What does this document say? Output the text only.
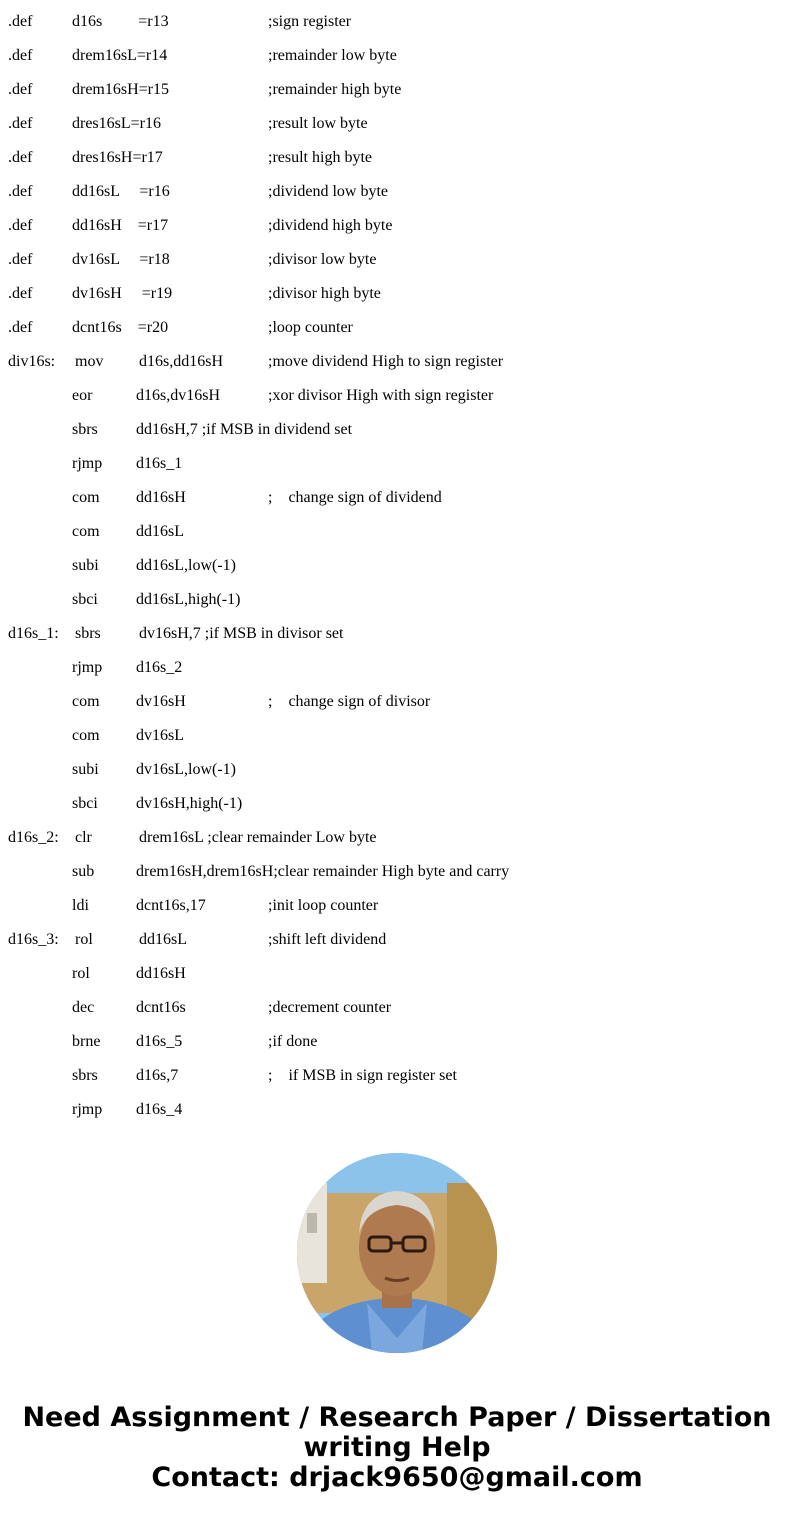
.def d16s         =r13	;sign register
.def drem16sL=r14	;remainder low byte
.def drem16sH=r15	;remainder high byte
.def dres16sL=r16	;result low byte
.def dres16sH=r17	;result high byte
.def dd16sL     =r16	;dividend low byte
.def dd16sH    =r17	;dividend high byte
.def dv16sL     =r18	;divisor low byte
.def dv16sH     =r19	;divisor high byte
.def dcnt16s    =r20	;loop counter
div16s: mov d16s,dd16sH	;move dividend High to sign register
eor	d16s,dv16sH	;xor divisor High with sign register
sbrs dd16sH,7 ;if MSB in dividend set
rjmp d16s_1
com dd16sH	;    change sign of dividend
com dd16sL
subi dd16sL,low(-1)
sbci dd16sL,high(-1)
d16s_1: sbrs dv16sH,7 ;if MSB in divisor set
rjmp d16s_2
com dv16sH	;    change sign of divisor
com dv16sL
subi dv16sL,low(-1)
sbci dv16sH,high(-1)
d16s_2: clr	drem16sL ;clear remainder Low byte
sub	drem16sH,drem16sH;clear remainder High byte and carry
ldi	dcnt16s,17	;init loop counter
d16s_3: rol	dd16sL	;shift left dividend
rol	dd16sH
dec	dcnt16s	;decrement counter
brne d16s_5	;if done
sbrs d16s,7	;    if MSB in sign register set
rjmp d16s_4
Need Assignment / Research Paper / Dissertation
writing Help
Contact: drjack9650@gmail.com
